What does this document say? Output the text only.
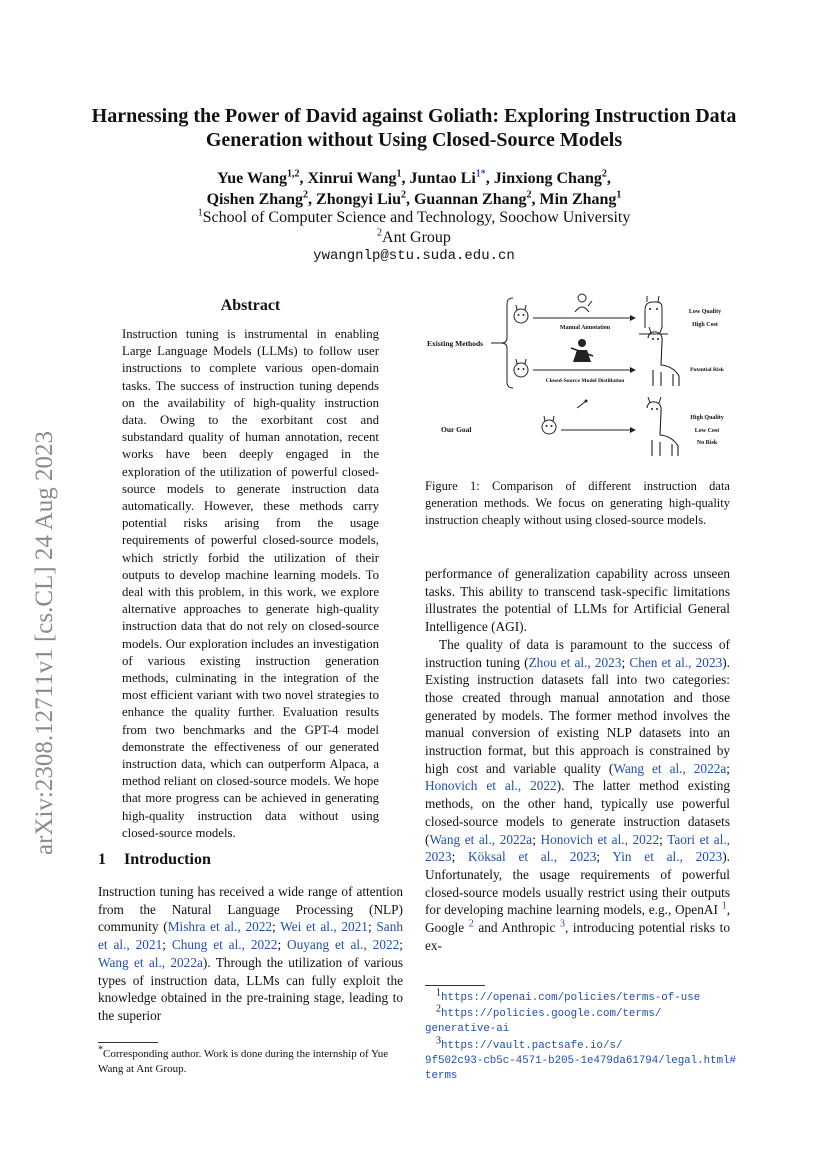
arXiv:2308.12711v1 [cs.CL] 24 Aug 2023
Harnessing the Power of David against Goliath: Exploring Instruction Data Generation without Using Closed-Source Models
Yue Wang$^{1,2}$, Xinrui Wang$^1$, Juntao $Li^{1*}$, Jinxiong Chang$^2$,
Qishen Zhang$^2$, Zhongyi Liu$^2$, Guannan Zhang$^2$, Min Zhang$^1$
$^1$School of Computer Science and Technology, Soochow University
$^2$Ant Group
ywangnlp@stu.suda.edu.cn
Abstract
Instruction tuning is instrumental in enabling Large Language Models (LLMs) to follow user instructions to complete various open-domain tasks. The success of instruction tuning depends on the availability of high-quality instruction data. Owing to the exorbitant cost and substandard quality of human annotation, recent works have been deeply engaged in the exploration of the utilization of powerful closed-source models to generate instruction data automatically. However, these methods carry potential risks arising from the usage requirements of powerful closed-source models, which strictly forbid the utilization of their outputs to develop machine learning models. To deal with this problem, in this work, we explore alternative approaches to generate high-quality instruction data that do not rely on closed-source models. Our exploration includes an investigation of various existing instruction generation methods, culminating in the integration of the most efficient variant with two novel strategies to enhance the quality further. Evaluation results from two benchmarks and the GPT-4 model demonstrate the effectiveness of our generated instruction data, which can outperform Alpaca, a method reliant on closed-source models. We hope that more progress can be achieved in generating high-quality instruction data without using closed-source models.
1 Introduction

Instruction tuning has received a wide range of attention from the Natural Language Processing (NLP) community (Mishra et al., 2022; Wei et al., 2021; Sanh et al., 2021; Chung et al., 2022; Ouyang et al., 2022; Wang et al., 2022a). Through the utilization of various types of instruction data, LLMs can fully exploit the knowledge obtained in the pre-training stage, leading to the superior

*Corresponding author. Work is done during the internship of Yue Wang at Ant Group.
Existing Methods
Manual Annotation
Closed-Source Model Distillation
Our Goal
Low Quality
High Cost
Potential Risk
High Quality
Low Cost
No Risk
Figure 1: Comparison of different instruction data generation methods. We focus on generating high-quality instruction cheaply without using closed-source models.

performance of generalization capability across unseen tasks. This ability to transcend task-specific limitations illustrates the potential of LLMs for Artificial General Intelligence (AGI).

The quality of data is paramount to the success of instruction tuning (Zhou et al., 2023; Chen et al., 2023). Existing instruction datasets fall into two categories: those created through manual annotation and those generated by models. The former method involves the manual conversion of existing NLP datasets into an instruction format, but this approach is constrained by high cost and variable quality (Wang et al., 2022a; Honovich et al., 2022). The latter method existing methods, on the other hand, typically use powerful closed-source models to generate instruction datasets (Wang et al., 2022a; Honovich et al., 2022; Taori et al., 2023; Köksal et al., 2023; Yin et al., 2023). Unfortunately, the usage requirements of powerful closed-source models usually restrict using their outputs for developing machine learning models, e.g., OpenAI $^1$, Google $^2$ and Anthropic $^3$, introducing potential risks to ex-

$^1$https://openai.com/policies/terms-of-use
$^2$https://policies.google.com/terms/
generative-ai
$^3$https://vault.pactsafe.io/s/
9f502c93-cb5c-4571-b205-1e479da61794/legal.html#
terms
